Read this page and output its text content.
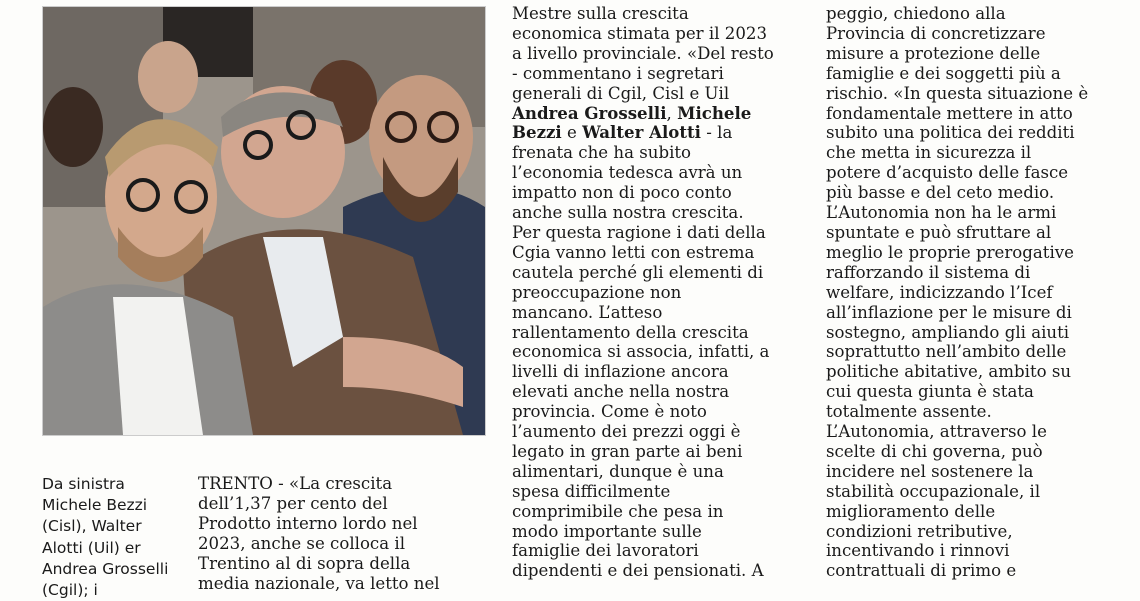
Da sinistra

Michele Bezzi

(Cisl), Walter

Alotti (Uil) er

Andrea Grosselli

(Cgil); i

TRENTO - «La crescita

dell’1,37 per cento del

Prodotto interno lordo nel

2023, anche se colloca il

Trentino al di sopra della

media nazionale, va letto nel

Mestre sulla crescita

economica stimata per il 2023

a livello provinciale. «Del resto

- commentano i segretari

generali di Cgil, Cisl e Uil

Andrea Grosselli, Michele

Bezzi e Walter Alotti - la

frenata che ha subito

l’economia tedesca avrà un

impatto non di poco conto

anche sulla nostra crescita.

Per questa ragione i dati della

Cgia vanno letti con estrema

cautela perché gli elementi di

preoccupazione non

mancano. L’atteso

rallentamento della crescita

economica si associa, infatti, a

livelli di inflazione ancora

elevati anche nella nostra

provincia. Come è noto

l’aumento dei prezzi oggi è

legato in gran parte ai beni

alimentari, dunque è una

spesa difficilmente

comprimibile che pesa in

modo importante sulle

famiglie dei lavoratori

dipendenti e dei pensionati. A

peggio, chiedono alla

Provincia di concretizzare

misure a protezione delle

famiglie e dei soggetti più a

rischio. «In questa situazione è

fondamentale mettere in atto

subito una politica dei redditi

che metta in sicurezza il

potere d’acquisto delle fasce

più basse e del ceto medio.

L’Autonomia non ha le armi

spuntate e può sfruttare al

meglio le proprie prerogative

rafforzando il sistema di

welfare, indicizzando l’Icef

all’inflazione per le misure di

sostegno, ampliando gli aiuti

soprattutto nell’ambito delle

politiche abitative, ambito su

cui questa giunta è stata

totalmente assente.

L’Autonomia, attraverso le

scelte di chi governa, può

incidere nel sostenere la

stabilità occupazionale, il

miglioramento delle

condizioni retributive,

incentivando i rinnovi

contrattuali di primo e
